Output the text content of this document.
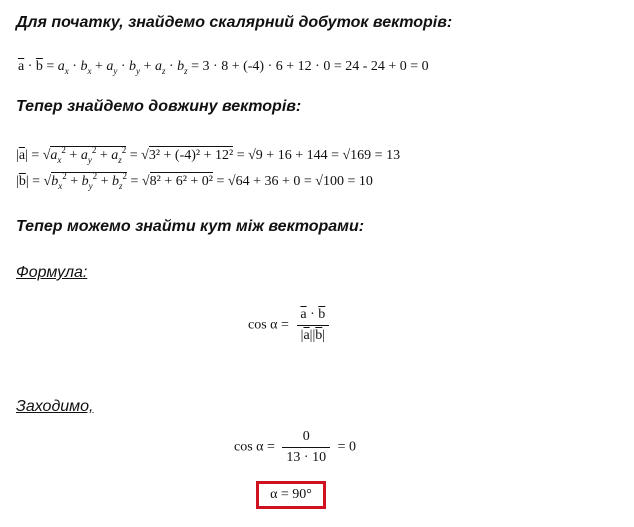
Для початку, знайдемо скалярний добуток векторів:
Тепер знайдемо довжину векторів:
Тепер можемо знайти кут між векторами:
$\overline{a} \cdot \overline{b} = a_x \cdot b_x + a_y \cdot b_y + a_z \cdot b_z = 3 \cdot 8 + (-4) \cdot 6 + 12 \cdot 0 = 24 - 24 + 0 = 0$
$|\overline{a}| = √a_x^2 + a_y^2 + a_z^2 = √3^2 + (-4)^2 + 12^2 = √9 + 16 + 144 = √169 = 13$
$|\overline{b}| = √b_x^2 + b_y^2 + b_z^2 = √8^2 + 6^2 + 0^2 = √64 + 36 + 0 = √100 = 10$
Формула:
$\cos \alpha = \frac{\overline{a} \cdot \overline{b}}{|\overline{a}||\overline{b}|}$
Заходимо,
$\cos \alpha = \frac{0}{13 \cdot 10} = 0$
α = 90°
